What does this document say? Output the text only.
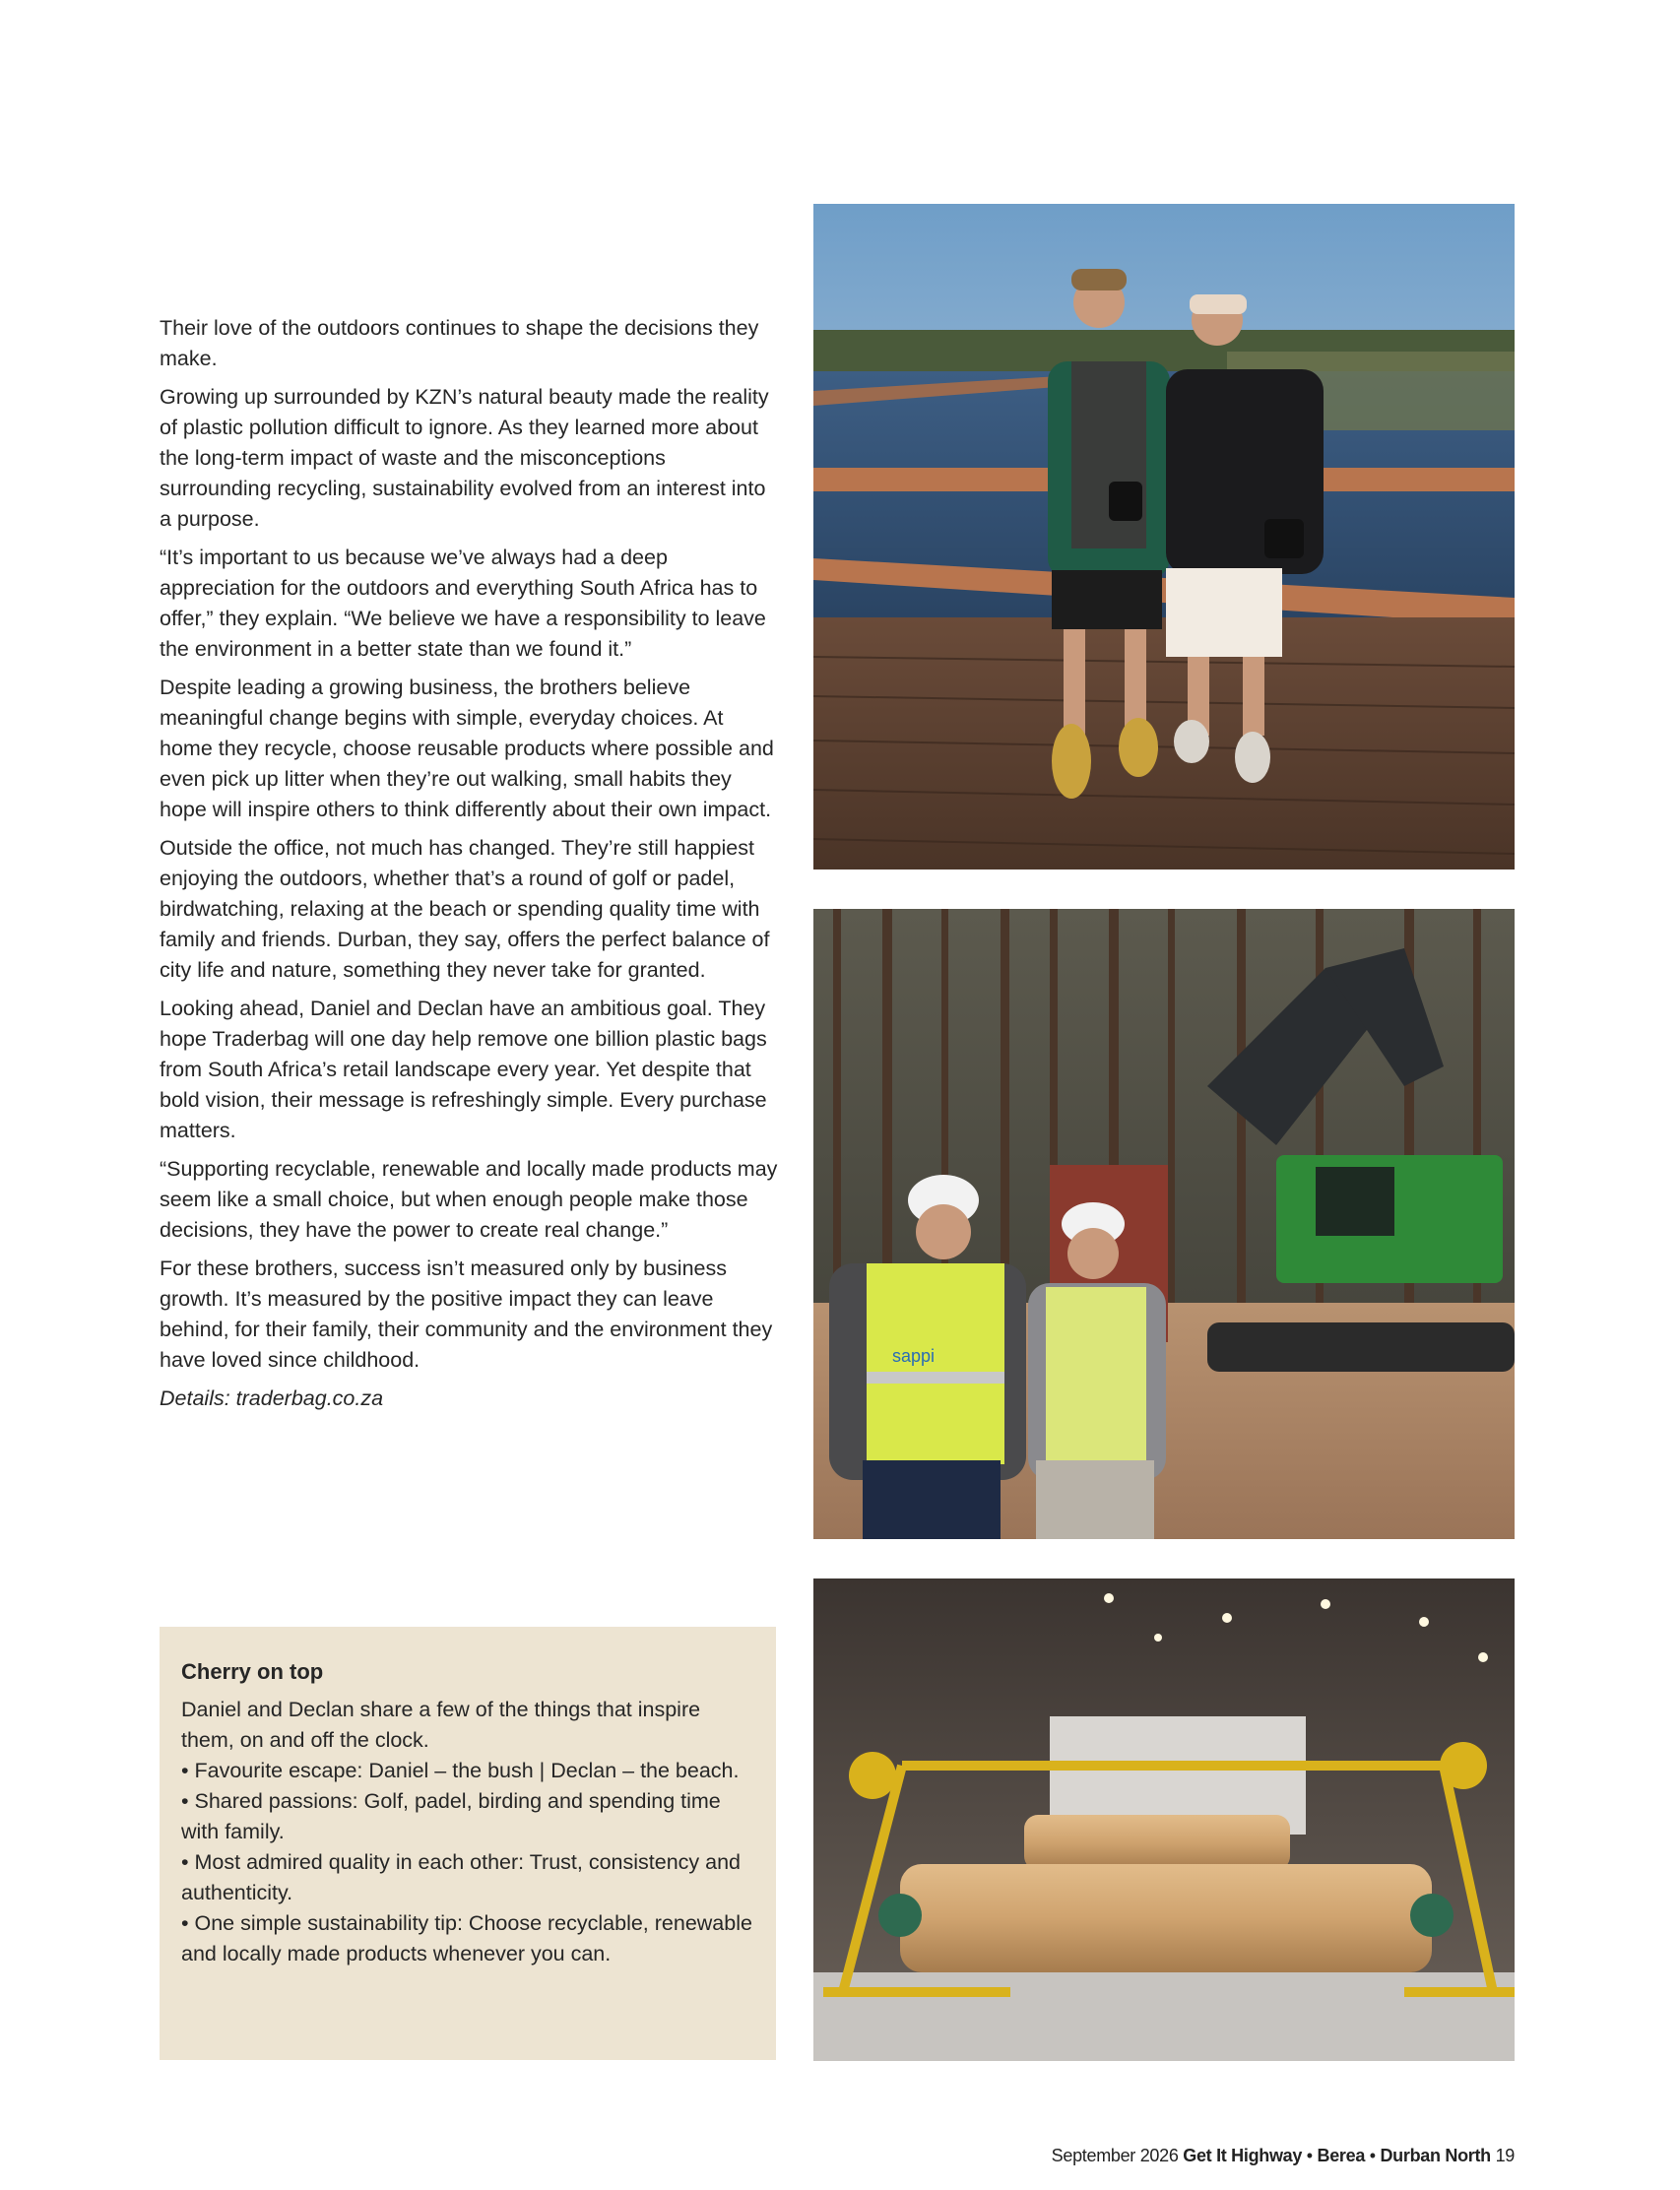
Their love of the outdoors continues to shape the decisions they make.

Growing up surrounded by KZN’s natural beauty made the reality of plastic pollution difficult to ignore. As they learned more about the long-term impact of waste and the misconceptions surrounding recycling, sustainability evolved from an interest into a purpose.

“It’s important to us because we’ve always had a deep appreciation for the outdoors and everything South Africa has to offer,” they explain. “We believe we have a responsibility to leave the environment in a better state than we found it.”

Despite leading a growing business, the brothers believe meaningful change begins with simple, everyday choices. At home they recycle, choose reusable products where possible and even pick up litter when they’re out walking, small habits they hope will inspire others to think differently about their own impact.

Outside the office, not much has changed. They’re still happiest enjoying the outdoors, whether that’s a round of golf or padel, birdwatching, relaxing at the beach or spending quality time with family and friends. Durban, they say, offers the perfect balance of city life and nature, something they never take for granted.

Looking ahead, Daniel and Declan have an ambitious goal. They hope Traderbag will one day help remove one billion plastic bags from South Africa’s retail landscape every year. Yet despite that bold vision, their message is refreshingly simple. Every purchase matters.

“Supporting recyclable, renewable and locally made products may seem like a small choice, but when enough people make those decisions, they have the power to create real change.”

For these brothers, success isn’t measured only by business growth. It’s measured by the positive impact they can leave behind, for their family, their community and the environment they have loved since childhood.

Details: traderbag.co.za

Cherry on top

Daniel and Declan share a few of the things that inspire them, on and off the clock.

• Favourite escape: Daniel – the bush | Declan – the beach.

• Shared passions: Golf, padel, birding and spending time with family.

• Most admired quality in each other: Trust, consistency and authenticity.

• One simple sustainability tip: Choose recyclable, renewable and locally made products whenever you can.

sappi
September 2026 Get It Highway • Berea • Durban North 19
